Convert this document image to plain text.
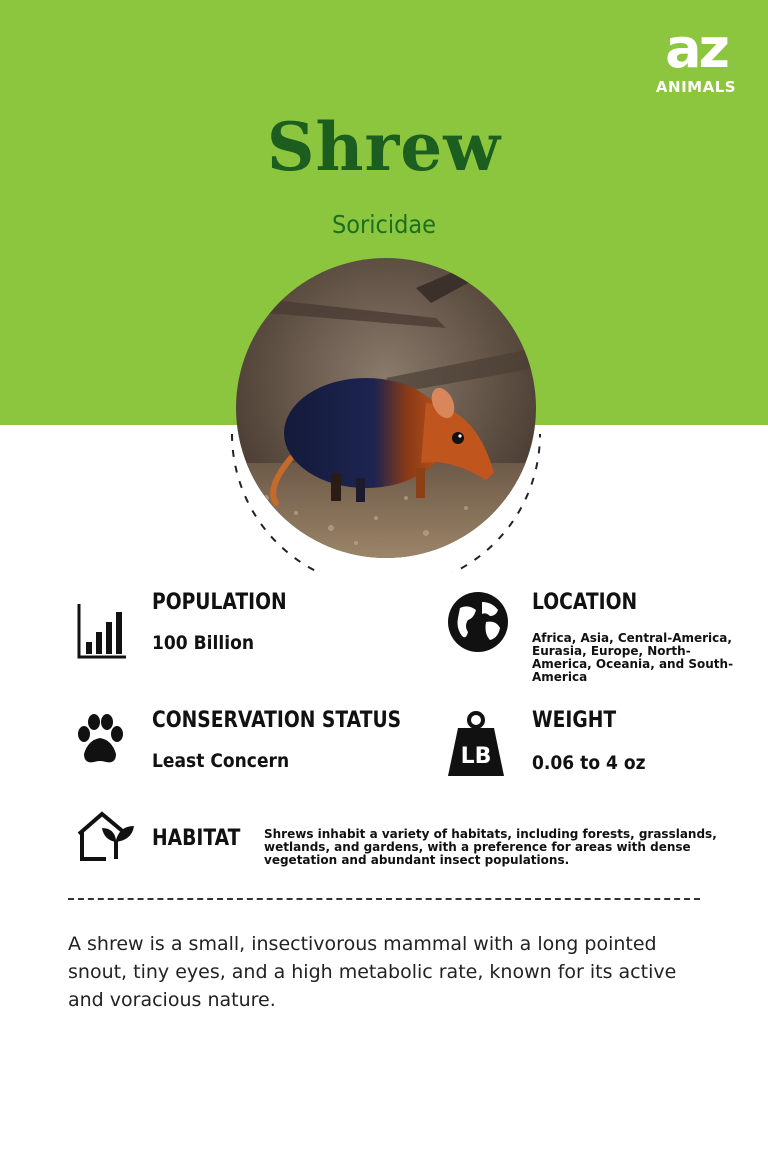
az
ANIMALS
Shrew
Soricidae
POPULATION
100 Billion
LOCATION
Africa, Asia, Central-America, Eurasia, Europe, North-America, Oceania, and South-America
CONSERVATION STATUS
Least Concern	LB
WEIGHT
0.06 to 4 oz
HABITAT Shrews inhabit a variety of habitats, including forests, grasslands, wetlands, and gardens, with a preference for areas with dense vegetation and abundant insect populations.
A shrew is a small, insectivorous mammal with a long pointed snout, tiny eyes, and a high metabolic rate, known for its active and voracious nature.
